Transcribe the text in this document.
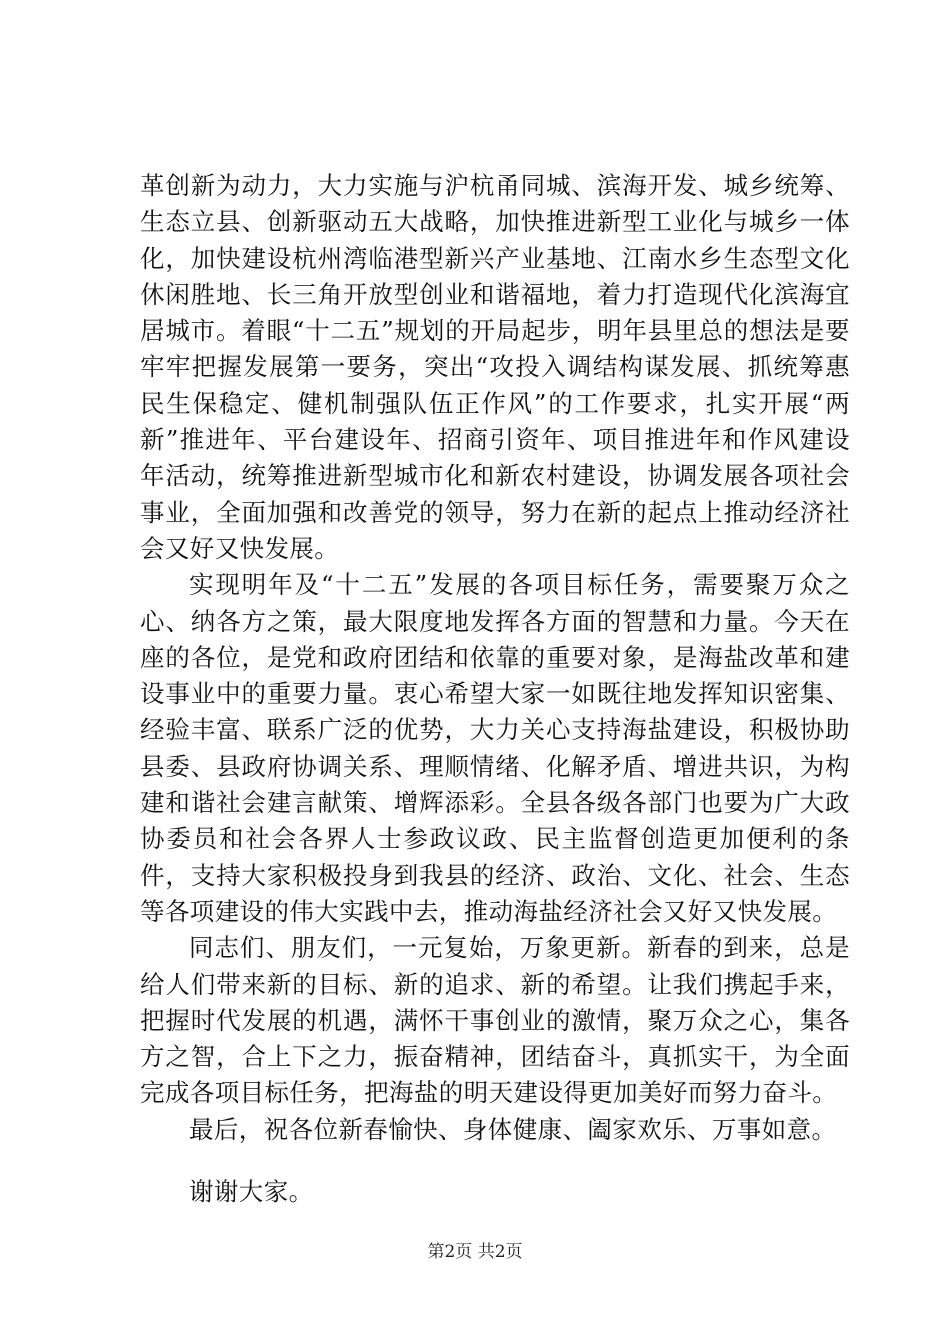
革创新为动力，大力实施与沪杭甬同城、滨海开发、城乡统筹、生态立县、创新驱动五大战略，加快推进新型工业化与城乡一体化，加快建设杭州湾临港型新兴产业基地、江南水乡生态型文化休闲胜地、长三角开放型创业和谐福地，着力打造现代化滨海宜居城市。着眼“十二五”规划的开局起步，明年县里总的想法是要牢牢把握发展第一要务，突出“攻投入调结构谋发展、抓统筹惠民生保稳定、健机制强队伍正作风”的工作要求，扎实开展“两新”推进年、平台建设年、招商引资年、项目推进年和作风建设年活动，统筹推进新型城市化和新农村建设，协调发展各项社会事业，全面加强和改善党的领导，努力在新的起点上推动经济社会又好又快发展。

实现明年及“十二五”发展的各项目标任务，需要聚万众之心、纳各方之策，最大限度地发挥各方面的智慧和力量。今天在座的各位，是党和政府团结和依靠的重要对象，是海盐改革和建设事业中的重要力量。衷心希望大家一如既往地发挥知识密集、经验丰富、联系广泛的优势，大力关心支持海盐建设，积极协助县委、县政府协调关系、理顺情绪、化解矛盾、增进共识，为构建和谐社会建言献策、增辉添彩。全县各级各部门也要为广大政协委员和社会各界人士参政议政、民主监督创造更加便利的条件，支持大家积极投身到我县的经济、政治、文化、社会、生态等各项建设的伟大实践中去，推动海盐经济社会又好又快发展。

同志们、朋友们，一元复始，万象更新。新春的到来，总是给人们带来新的目标、新的追求、新的希望。让我们携起手来，把握时代发展的机遇，满怀干事创业的激情，聚万众之心，集各方之智，合上下之力，振奋精神，团结奋斗，真抓实干，为全面完成各项目标任务，把海盐的明天建设得更加美好而努力奋斗。

最后，祝各位新春愉快、身体健康、阖家欢乐、万事如意。

谢谢大家。

第2页 共2页
